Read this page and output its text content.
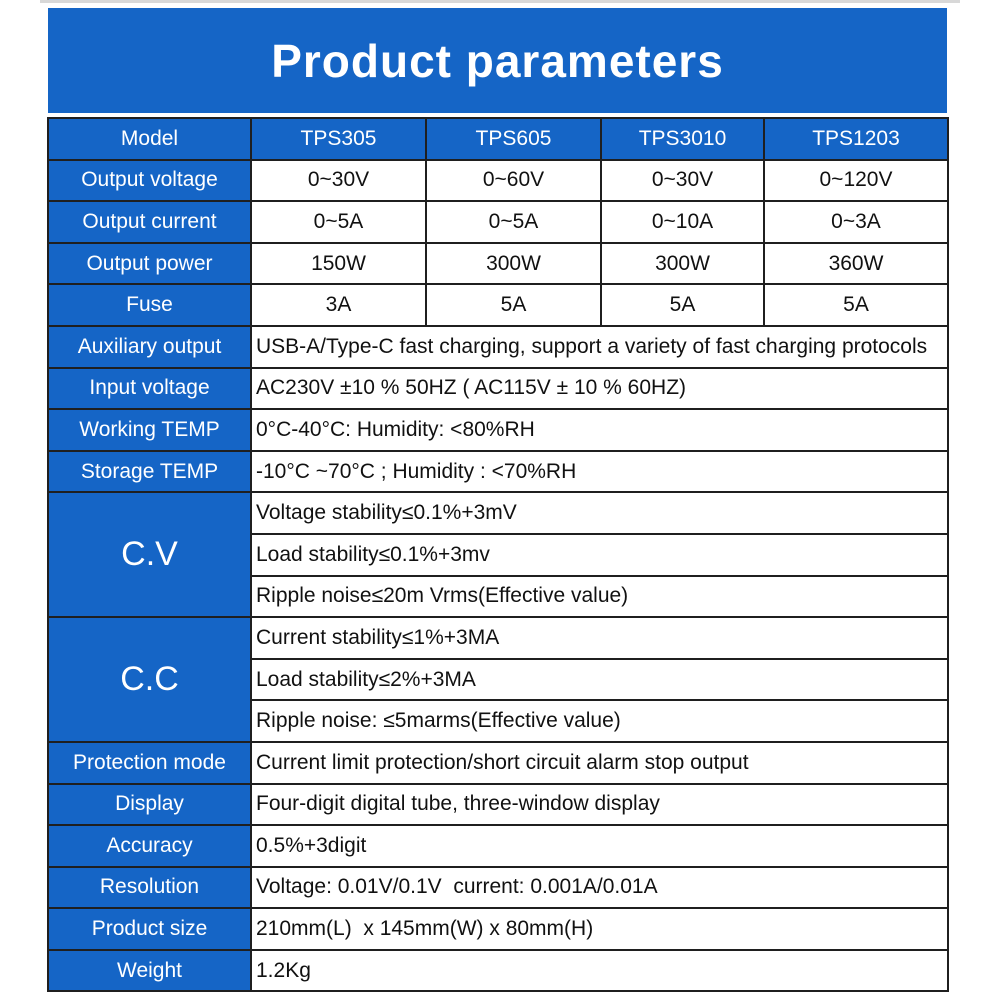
Product parameters
Model	TPS305	TPS605	TPS3010	TPS1203
Output voltage	0~30V	0~60V	0~30V	0~120V
Output current	0~5A	0~5A	0~10A	0~3A
Output power	150W	300W	300W	360W
Fuse	3A	5A	5A	5A
Auxiliary output	USB-A/Type-C fast charging, support a variety of fast charging protocols			
Input voltage	AC230V ±10 % 50HZ ( AC115V ± 10 % 60HZ)			
Working TEMP	0°C-40°C: Humidity: <80%RH			
Storage TEMP	-10°C ~70°C ; Humidity : <70%RH			
C.V	Voltage stability≤0.1%+3mV			
	Load stability≤0.1%+3mv			
	Ripple noise≤20m Vrms(Effective value)			
C.C	Current stability≤1%+3MA			
	Load stability≤2%+3MA			
	Ripple noise: ≤5marms(Effective value)			
Protection mode	Current limit protection/short circuit alarm stop output			
Display	Four-digit digital tube, three-window display			
Accuracy	0.5%+3digit			
Resolution	Voltage: 0.01V/0.1V  current: 0.001A/0.01A			
Product size	210mm(L)  x 145mm(W) x 80mm(H)			
Weight	1.2Kg			
